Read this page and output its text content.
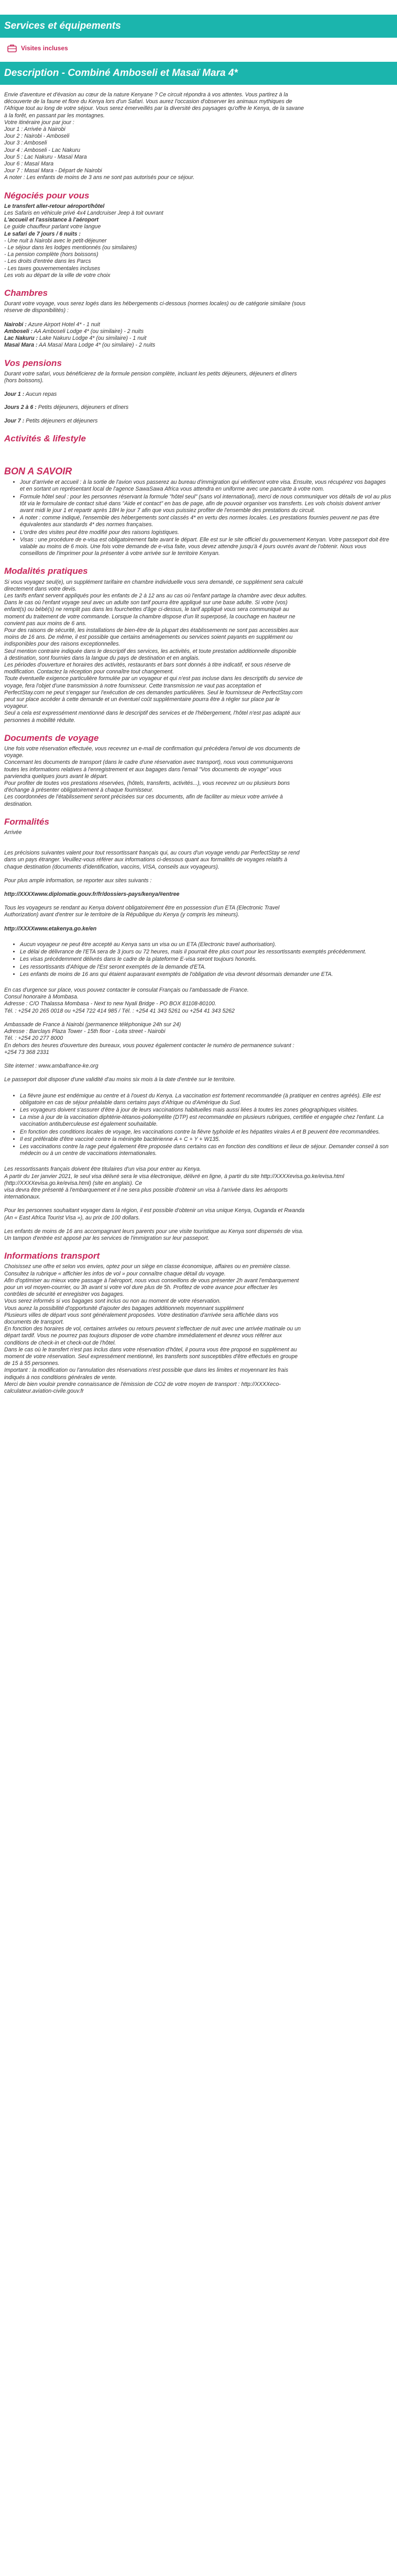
Services et équipements
Visites incluses
Description - Combiné Amboseli et Masaï Mara 4*

Envie d'aventure et d'évasion au cœur de la nature Kenyane ? Ce circuit répondra à vos attentes. Vous partirez à la

découverte de la faune et flore du Kenya lors d'un Safari. Vous aurez l'occasion d'observer les animaux mythiques de

l'Afrique tout au long de votre séjour. Vous serez émerveillés par la diversité des paysages qu'offre le Kenya, de la savane

à la forêt, en passant par les montagnes.

Votre itinéraire jour par jour :

Jour 1 : Arrivée à Nairobi

Jour 2 : Nairobi - Amboseli

Jour 3 : Amboseli

Jour 4 : Amboseli - Lac Nakuru

Jour 5 : Lac Nakuru - Masaï Mara

Jour 6 : Masaï Mara

Jour 7 : Masaï Mara - Départ de Nairobi

A noter : Les enfants de moins de 3 ans ne sont pas autorisés pour ce séjour.

Négociés pour vous

Le transfert aller-retour aéroport/hôtel

Les Safaris en véhicule privé 4x4 Landcruiser Jeep à toit ouvrant

L'accueil et l'assistance à l'aéroport

Le guide chauffeur parlant votre langue

Le safari de 7 jours / 6 nuits :

- Une nuit à Nairobi avec le petit-déjeuner

- Le séjour dans les lodges mentionnés (ou similaires)

- La pension complète (hors boissons)

- Les droits d'entrée dans les Parcs

- Les taxes gouvernementales incluses

Les vols au départ de la ville de votre choix

Chambres

Durant votre voyage, vous serez logés dans les hébergements ci-dessous (normes locales) ou de catégorie similaire (sous

réserve de disponibilités) :

Nairobi : Azure Airport Hotel 4* - 1 nuit

Amboseli : AA Amboseli Lodge 4* (ou similaire) - 2 nuits

Lac Nakuru : Lake Nakuru Lodge 4* (ou similaire) - 1 nuit

Masaï Mara : AA Masaï Mara Lodge 4* (ou similaire) - 2 nuits

Vos pensions

Durant votre safari, vous bénéficierez de la formule pension complète, incluant les petits déjeuners, déjeuners et dîners

(hors boissons).

Jour 1 : Aucun repas

Jours 2 à 6 : Petits déjeuners, déjeuners et dîners

Jour 7 : Petits déjeuners et déjeuners

Activités & lifestyle
BON A SAVOIR
• Jour d'arrivée et accueil : à la sortie de l'avion vous passerez au bureau d'immigration qui vérifieront votre visa. Ensuite, vous récupérez vos bagages et en sortant un représentant local de l'agence SawaSawa Africa vous attendra en uniforme avec une pancarte à votre nom.
• Formule hôtel seul : pour les personnes réservant la formule "hôtel seul" (sans vol international), merci de nous communiquer vos détails de vol au plus tôt via le formulaire de contact situé dans "Aide et contact" en bas de page, afin de pouvoir organiser vos transferts. Les vols choisis doivent arriver avant midi le jour 1 et repartir après 18H le jour 7 afin que vous puissiez profiter de l'ensemble des prestations du circuit.
• A noter : comme indiqué, l'ensemble des hébergements sont classés 4* en vertu des normes locales. Les prestations fournies peuvent ne pas être équivalentes aux standards 4* des normes françaises.
• L'ordre des visites peut être modifié pour des raisons logistiques.
• Visas : une procédure de e-visa est obligatoirement faite avant le départ. Elle est sur le site officiel du gouvernement Kenyan. Votre passeport doit être valable au moins de 6 mois. Une fois votre demande de e-visa faite, vous devez attendre jusqu'à 4 jours ouvrés avant de l'obtenir. Nous vous conseillons de l'imprimer pour la présenter à votre arrivée sur le territoire Kenyan.
Modalités pratiques

Si vous voyagez seul(e), un supplément tarifaire en chambre individuelle vous sera demandé, ce supplément sera calculé

directement dans votre devis.

Les tarifs enfant servent appliqués pour les enfants de 2 à 12 ans au cas où l'enfant partage la chambre avec deux adultes.

Dans le cas où l'enfant voyage seul avec un adulte son tarif pourra être appliqué sur une base adulte. Si votre (vos)

enfant(s) ou bébé(s) ne remplit pas dans les fourchettes d'âge ci-dessus, le tarif appliqué vous sera communiqué au

moment du traitement de votre commande. Lorsque la chambre dispose d'un lit superposé, la couchage en hauteur ne

convient pas aux moins de 6 ans.

Pour des raisons de sécurité, les installations de bien-être de la plupart des établissements ne sont pas accessibles aux

moins de 16 ans. De même, il est possible que certains aménagements ou services soient payants en supplément ou

indisponibles pour des raisons exceptionnelles.

Seul mention contraire indiquée dans le descriptif des services, les activités, et toute prestation additionnelle disponible

à destination, sont fournies dans la langue du pays de destination et en anglais.

Les périodes d'ouverture et horaires des activités, restaurants et bars sont donnés à titre indicatif, et sous réserve de

modification. Contactez la réception pour connaître tout changement.

Toute éventuelle exigence particulière formulée par un voyageur et qui n'est pas incluse dans les descriptifs du service de

voyage, fera l'objet d'une transmission à notre fournisseur. Cette transmission ne vaut pas acceptation et

PerfectStay.com ne peut s'engager sur l'exécution de ces demandes particulières. Seul le fournisseur de PerfectStay.com

peut sur place accéder à cette demande et un éventuel coût supplémentaire pourra être à régler sur place par le

voyageur.

Seul a cela est expressément mentionné dans le descriptif des services et de l'hébergement, l'hôtel n'est pas adapté aux

personnes à mobilité réduite.

Documents de voyage

Une fois votre réservation effectuée, vous recevrez un e-mail de confirmation qui précédera l'envoi de vos documents de

voyage.

Concernant les documents de transport (dans le cadre d'une réservation avec transport), nous vous communiquerons

toutes les informations relatives à l'enregistrement et aux bagages dans l'email "Vos documents de voyage" vous

parviendra quelques jours avant le départ.

Pour profiter de toutes vos prestations réservées, (hôtels, transferts, activités...), vous recevrez un ou plusieurs bons

d'échange à présenter obligatoirement à chaque fournisseur.

Les coordonnées de l'établissement seront précisées sur ces documents, afin de faciliter au mieux votre arrivée à

destination.

Formalités

Arrivée

Les précisions suivantes valent pour tout ressortissant français qui, au cours d'un voyage vendu par PerfectStay se rend

dans un pays étranger. Veuillez-vous référer aux informations ci-dessous quant aux formalités de voyages relatifs à

chaque destination (documents d'identification, vaccins, VISA, conseils aux voyageurs).

Pour plus ample information, se reporter aux sites suivants :

http://XXXXwww.diplomatie.gouv.fr/fr/dossiers-pays/kenya/#entree

Tous les voyageurs se rendant au Kenya doivent obligatoirement être en possession d'un ETA (Electronic Travel

Authorization) avant d'entrer sur le territoire de la République du Kenya (y compris les mineurs).

http://XXXXwww.etakenya.go.ke/en

• Aucun voyageur ne peut être accepté au Kenya sans un visa ou un ETA (Electronic travel authorisation).
• Le délai de délivrance de l'ETA sera de 3 jours ou 72 heures, mais il pourrait être plus court pour les ressortissants exemptés précédemment.
• Les visas précédemment délivrés dans le cadre de la plateforme E-visa seront toujours honorés.
• Les ressortissants d'Afrique de l'Est seront exemptés de la demande d'ETA.
• Les enfants de moins de 16 ans qui étaient auparavant exemptés de l'obligation de visa devront désormais demander une ETA.

En cas d'urgence sur place, vous pouvez contacter le consulat Français ou l'ambassade de France.

Consul honoraire à Mombasa.

Adresse : C/O Thalassa Mombasa - Next to new Nyali Bridge - PO BOX 81108-80100.

Tél. : +254 20 265 0018 ou +254 722 414 985 / Tél. : +254 41 343 5261 ou +254 41 343 5262

Ambassade de France à Nairobi (permanence téléphonique 24h sur 24)

Adresse : Barclays Plaza Tower - 15th floor - Loita street - Nairobi

Tél. : +254 20 277 8000

En dehors des heures d'ouverture des bureaux, vous pouvez également contacter le numéro de permanence suivant :

+254 73 368 2331

Site internet : www.ambafrance-ke.org

Le passeport doit disposer d'une validité d'au moins six mois à la date d'entrée sur le territoire.

• La fièvre jaune est endémique au centre et à l'ouest du Kenya. La vaccination est fortement recommandée (à pratiquer en centres agréés). Elle est obligatoire en cas de séjour préalable dans certains pays d'Afrique ou d'Amérique du Sud.
• Les voyageurs doivent s'assurer d'être à jour de leurs vaccinations habituelles mais aussi liées à toutes les zones géographiques visitées.
• La mise à jour de la vaccination diphtérie-tétanos-poliomyélite (DTP) est recommandée en plusieurs rubriques, certifiée et engagée chez l'enfant. La vaccination antituberculeuse est également souhaitable.
• En fonction des conditions locales de voyage, les vaccinations contre la fièvre typhoïde et les hépatites virales A et B peuvent être recommandées.
• Il est préférable d'être vacciné contre la méningite bactérienne A + C + Y + W135.
• Les vaccinations contre la rage peut également être proposée dans certains cas en fonction des conditions et lieux de séjour. Demander conseil à son médecin ou à un centre de vaccinations internationales.

Les ressortissants français doivent être titulaires d'un visa pour entrer au Kenya.

A partir du 1er janvier 2021, le seul visa délivré sera le visa électronique, délivré en ligne, à partir du site http://XXXXevisa.go.ke/evisa.html (http://XXXXevisa.go.ke/evisa.html) (site en anglais). Ce

visa devra être présenté à l'embarquement et il ne sera plus possible d'obtenir un visa à l'arrivée dans les aéroports

internationaux.

Pour les personnes souhaitant voyager dans la région, il est possible d'obtenir un visa unique Kenya, Ouganda et Rwanda

(An « East Africa Tourist Visa »), au prix de 100 dollars.

Les enfants de moins de 16 ans accompagnant leurs parents pour une visite touristique au Kenya sont dispensés de visa.

Un tampon d'entrée est apposé par les services de l'immigration sur leur passeport.

Informations transport

Choisissez une offre et selon vos envies, optez pour un siège en classe économique, affaires ou en première classe.

Consultez la rubrique « affichier les infos de vol » pour connaître chaque détail du voyage.

Afin d'optimiser au mieux votre passage à l'aéroport, nous vous conseillons de vous présenter 2h avant l'embarquement

pour un vol moyen-courrier, ou 3h avant si votre vol dure plus de 5h. Profitez de votre avance pour effectuer les

contrôles de sécurité et enregistrer vos bagages.

Vous serez informés si vos bagages sont inclus ou non au moment de votre réservation.

Vous aurez la possibilité d'opportunité d'ajouter des bagages additionnels moyennant supplément

Plusieurs villes de départ vous sont généralement proposées. Votre destination d'arrivée sera affichée dans vos

documents de transport.

En fonction des horaires de vol, certaines arrivées ou retours peuvent s'effectuer de nuit avec une arrivée matinale ou un

départ tardif. Vous ne pourrez pas toujours disposer de votre chambre immédiatement et devrez vous référer aux

conditions de check-in et check-out de l'hôtel.

Dans le cas où le transfert n'est pas inclus dans votre réservation d'hôtel, il pourra vous être proposé en supplément au

moment de votre réservation. Seul expressément mentionné, les transferts sont susceptibles d'être effectués en groupe

de 15 à 55 personnes.

Important : la modification ou l'annulation des réservations n'est possible que dans les limites et moyennant les frais

indiqués à nos conditions générales de vente.

Merci de bien vouloir prendre connaissance de l'émission de CO2 de votre moyen de transport : http://XXXXeco-

calculateur.aviation-civile.gouv.fr
